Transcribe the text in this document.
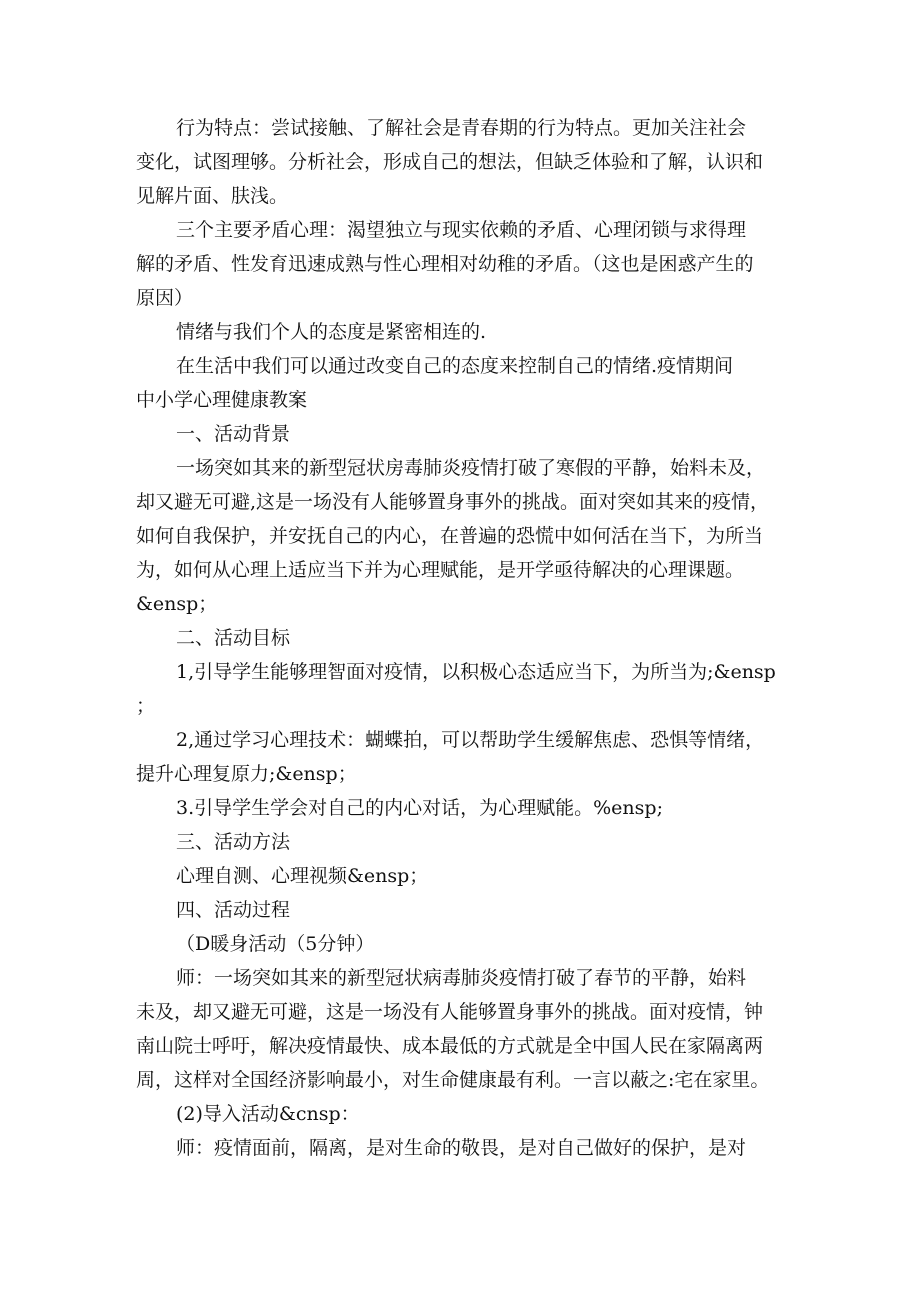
行为特点：尝试接触、了解社会是青春期的行为特点。更加关注社会
变化，试图理够。分析社会，形成自己的想法，但缺乏体验和了解，认识和
见解片面、肤浅。
三个主要矛盾心理：渴望独立与现实依赖的矛盾、心理闭锁与求得理
解的矛盾、性发育迅速成熟与性心理相对幼稚的矛盾。（这也是困惑产生的
原因）
情绪与我们个人的态度是紧密相连的.
在生活中我们可以通过改变自己的态度来控制自己的情绪.疫情期间
中小学心理健康教案
一、活动背景
一场突如其来的新型冠状房毒肺炎疫情打破了寒假的平静，始料未及，
却又避无可避,这是一场没有人能够置身事外的挑战。面对突如其来的疫情，
如何自我保护，并安抚自己的内心，在普遍的恐慌中如何活在当下，为所当
为，如何从心理上适应当下并为心理赋能，是开学亟待解决的心理课题。
&ensp；
二、活动目标
1,引导学生能够理智面对疫情，以积极心态适应当下，为所当为;&ensp
；
2,通过学习心理技术：蝴蝶拍，可以帮助学生缓解焦虑、恐惧等情绪，
提升心理复原力;&ensp；
3.引导学生学会对自己的内心对话，为心理赋能。%ensp;
三、活动方法
心理自测、心理视频&ensp；
四、活动过程
（D暖身活动（5分钟）
师：一场突如其来的新型冠状病毒肺炎疫情打破了春节的平静，始料
未及，却又避无可避，这是一场没有人能够置身事外的挑战。面对疫情，钟
南山院士呼吁，解决疫情最快、成本最低的方式就是全中国人民在家隔离两
周，这样对全国经济影响最小，对生命健康最有利。一言以蔽之:宅在家里。
(2)导入活动&cnsp：
师：疫情面前，隔离，是对生命的敬畏，是对自己做好的保护，是对
